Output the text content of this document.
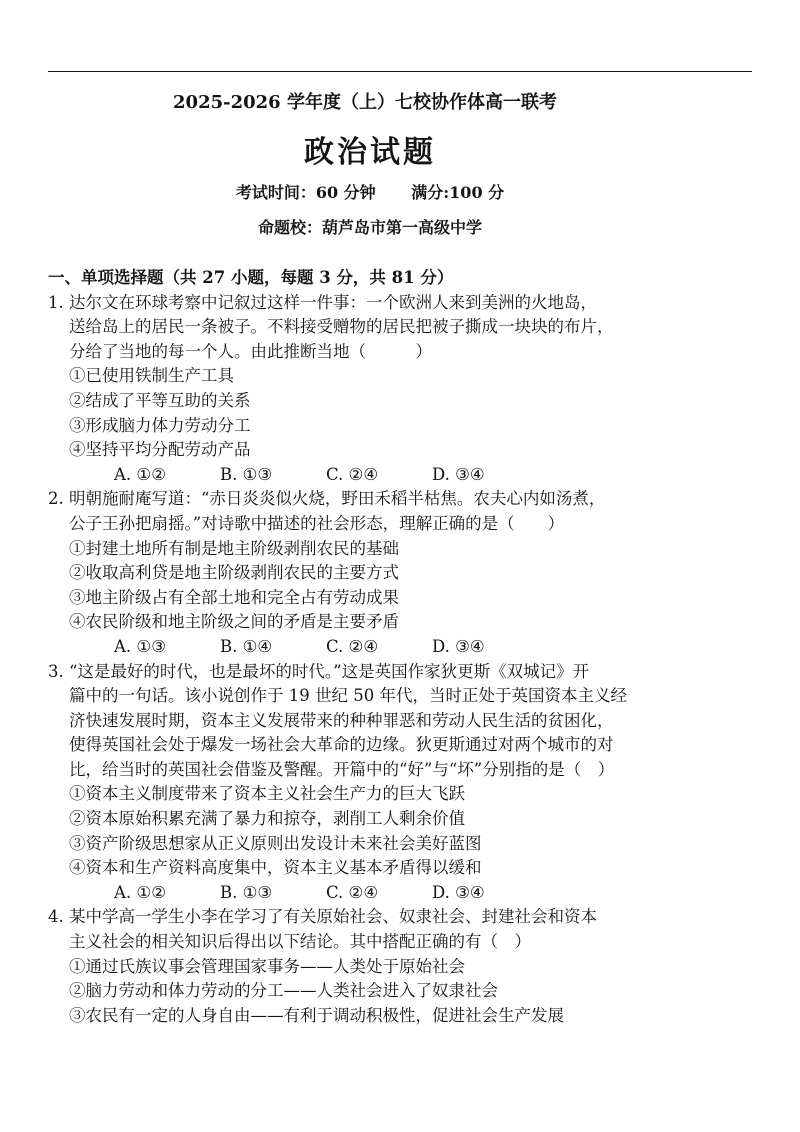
2025-2026 学年度（上）七校协作体高一联考
政治试题
考试时间：60 分钟 满分:100 分
命题校：葫芦岛市第一高级中学
一、单项选择题（共 27 小题，每题 3 分，共 81 分）
1. 达尔文在环球考察中记叙过这样一件事：一个欧洲人来到美洲的火地岛，
送给岛上的居民一条被子。不料接受赠物的居民把被子撕成一块块的布片，
分给了当地的每一个人。由此推断当地（　　　）
①已使用铁制生产工具
②结成了平等互助的关系
③形成脑力体力劳动分工
④坚持平均分配劳动产品
A. ①②	B. ①③	C. ②④	D. ③④
2. 明朝施耐庵写道：“赤日炎炎似火烧，野田禾稻半枯焦。农夫心内如汤煮，
公子王孙把扇摇。”对诗歌中描述的社会形态，理解正确的是（　　）
①封建土地所有制是地主阶级剥削农民的基础
②收取高利贷是地主阶级剥削农民的主要方式
③地主阶级占有全部土地和完全占有劳动成果
④农民阶级和地主阶级之间的矛盾是主要矛盾
A. ①③	B. ①④	C. ②④	D. ③④
3. “这是最好的时代，也是最坏的时代。”这是英国作家狄更斯《双城记》开
篇中的一句话。该小说创作于 19 世纪 50 年代，当时正处于英国资本主义经
济快速发展时期，资本主义发展带来的种种罪恶和劳动人民生活的贫困化，
使得英国社会处于爆发一场社会大革命的边缘。狄更斯通过对两个城市的对
比，给当时的英国社会借鉴及警醒。开篇中的“好”与“坏”分别指的是（　）
①资本主义制度带来了资本主义社会生产力的巨大飞跃
②资本原始积累充满了暴力和掠夺，剥削工人剩余价值
③资产阶级思想家从正义原则出发设计未来社会美好蓝图
④资本和生产资料高度集中，资本主义基本矛盾得以缓和
A. ①②	B. ①③	C. ②④	D. ③④
4. 某中学高一学生小李在学习了有关原始社会、奴隶社会、封建社会和资本
主义社会的相关知识后得出以下结论。其中搭配正确的有（　）
①通过氏族议事会管理国家事务——人类处于原始社会
②脑力劳动和体力劳动的分工——人类社会进入了奴隶社会
③农民有一定的人身自由——有利于调动积极性，促进社会生产发展
